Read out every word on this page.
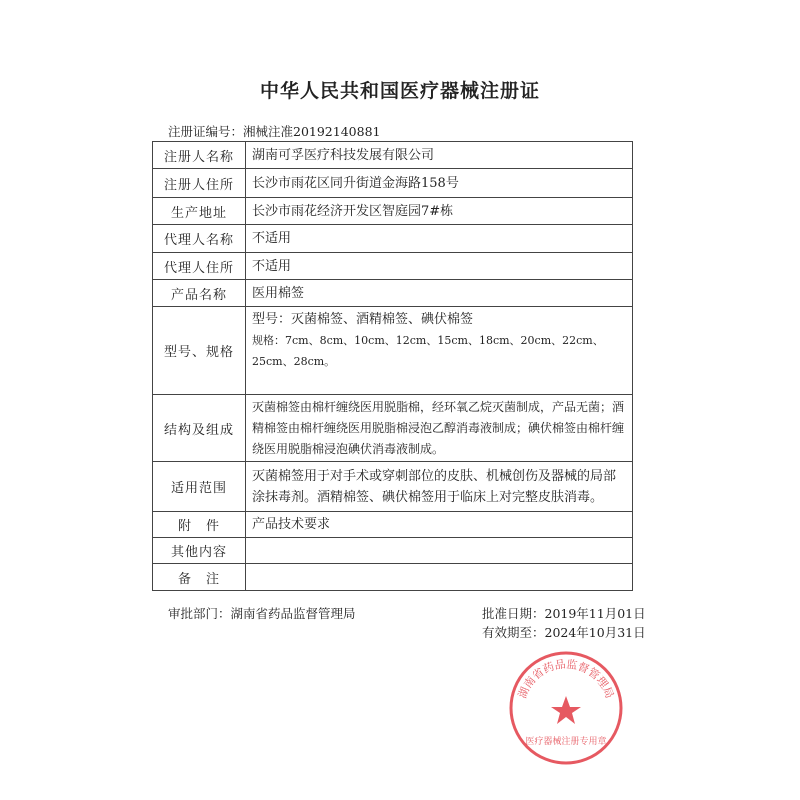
中华人民共和国医疗器械注册证
注册证编号：湘械注准20192140881
注册人名称	湖南可孚医疗科技发展有限公司
注册人住所	长沙市雨花区同升街道金海路158号
生产地址	长沙市雨花经济开发区智庭园7#栋
代理人名称	不适用
代理人住所	不适用
产品名称	医用棉签
型号、规格	型号：灭菌棉签、酒精棉签、碘伏棉签
规格：7cm、8cm、10cm、12cm、15cm、18cm、20cm、22cm、25cm、28cm。

结构及组成	灭菌棉签由棉杆缠绕医用脱脂棉，经环氧乙烷灭菌制成，产品无菌；酒精棉签由棉杆缠绕医用脱脂棉浸泡乙醇消毒液制成；碘伏棉签由棉杆缠绕医用脱脂棉浸泡碘伏消毒液制成。
适用范围	灭菌棉签用于对手术或穿刺部位的皮肤、机械创伤及器械的局部涂抹毒剂。酒精棉签、碘伏棉签用于临床上对完整皮肤消毒。
附　件	产品技术要求
其他内容	
备　注	
审批部门：湖南省药品监督管理局	批准日期：2019年11月01日
有效期至：2024年10月31日
湖南省药品监督管理局
医疗器械注册专用章
